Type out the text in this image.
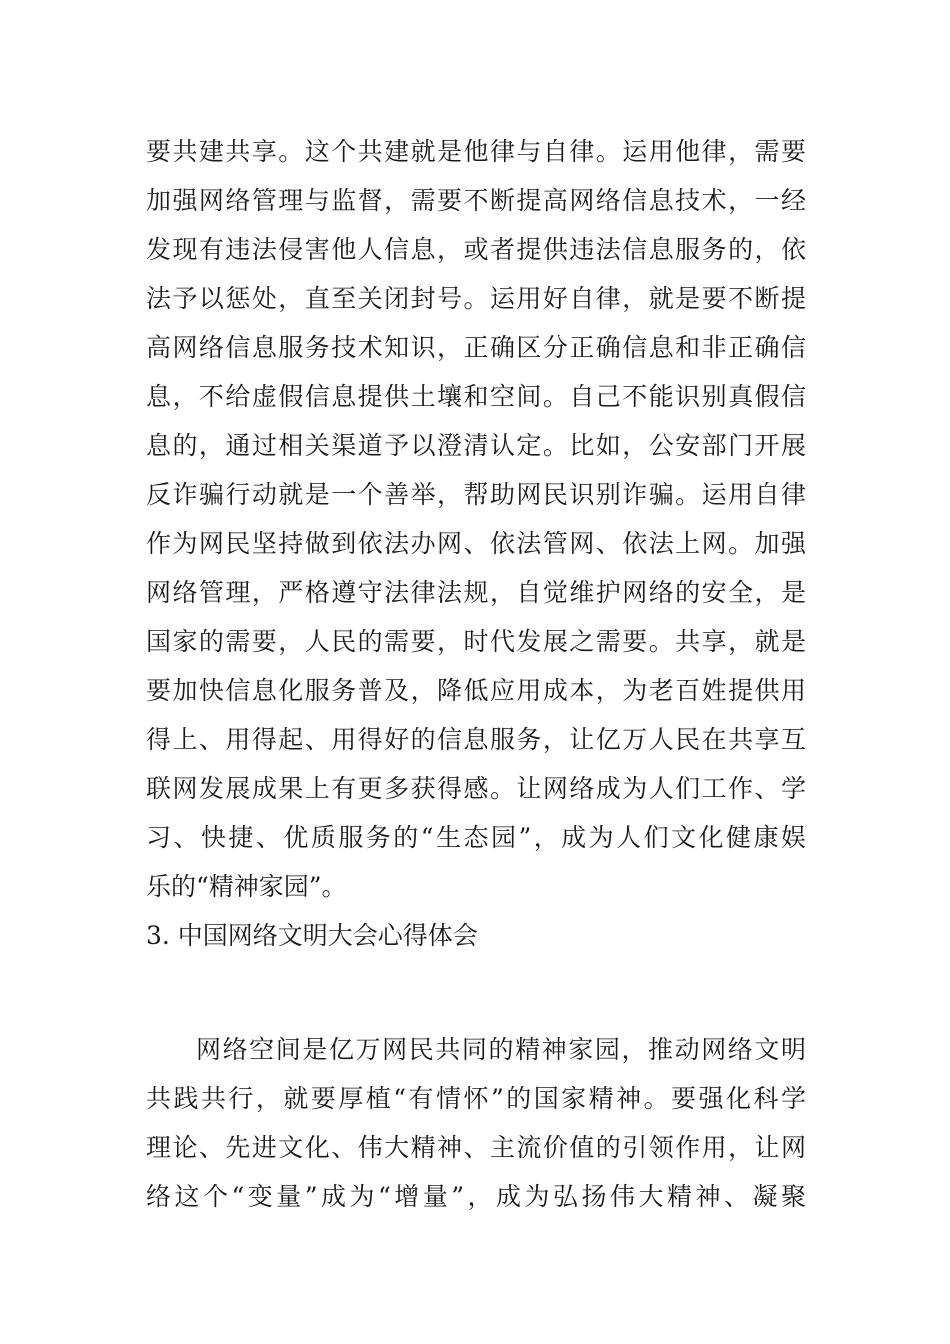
要共建共享。这个共建就是他律与自律。运用他律，需要
加强网络管理与监督，需要不断提高网络信息技术，一经
发现有违法侵害他人信息，或者提供违法信息服务的，依
法予以惩处，直至关闭封号。运用好自律，就是要不断提
高网络信息服务技术知识，正确区分正确信息和非正确信
息，不给虚假信息提供土壤和空间。自己不能识别真假信
息的，通过相关渠道予以澄清认定。比如，公安部门开展
反诈骗行动就是一个善举，帮助网民识别诈骗。运用自律
作为网民坚持做到依法办网、依法管网、依法上网。加强
网络管理，严格遵守法律法规，自觉维护网络的安全，是
国家的需要，人民的需要，时代发展之需要。共享，就是
要加快信息化服务普及，降低应用成本，为老百姓提供用
得上、用得起、用得好的信息服务，让亿万人民在共享互
联网发展成果上有更多获得感。让网络成为人们工作、学
习、快捷、优质服务的“生态园”，成为人们文化健康娱
乐的“精神家园”。
3. 中国网络文明大会心得体会
网络空间是亿万网民共同的精神家园，推动网络文明
共践共行，就要厚植“有情怀”的国家精神。要强化科学
理论、先进文化、伟大精神、主流价值的引领作用，让网
络这个“变量”成为“增量”，成为弘扬伟大精神、凝聚
